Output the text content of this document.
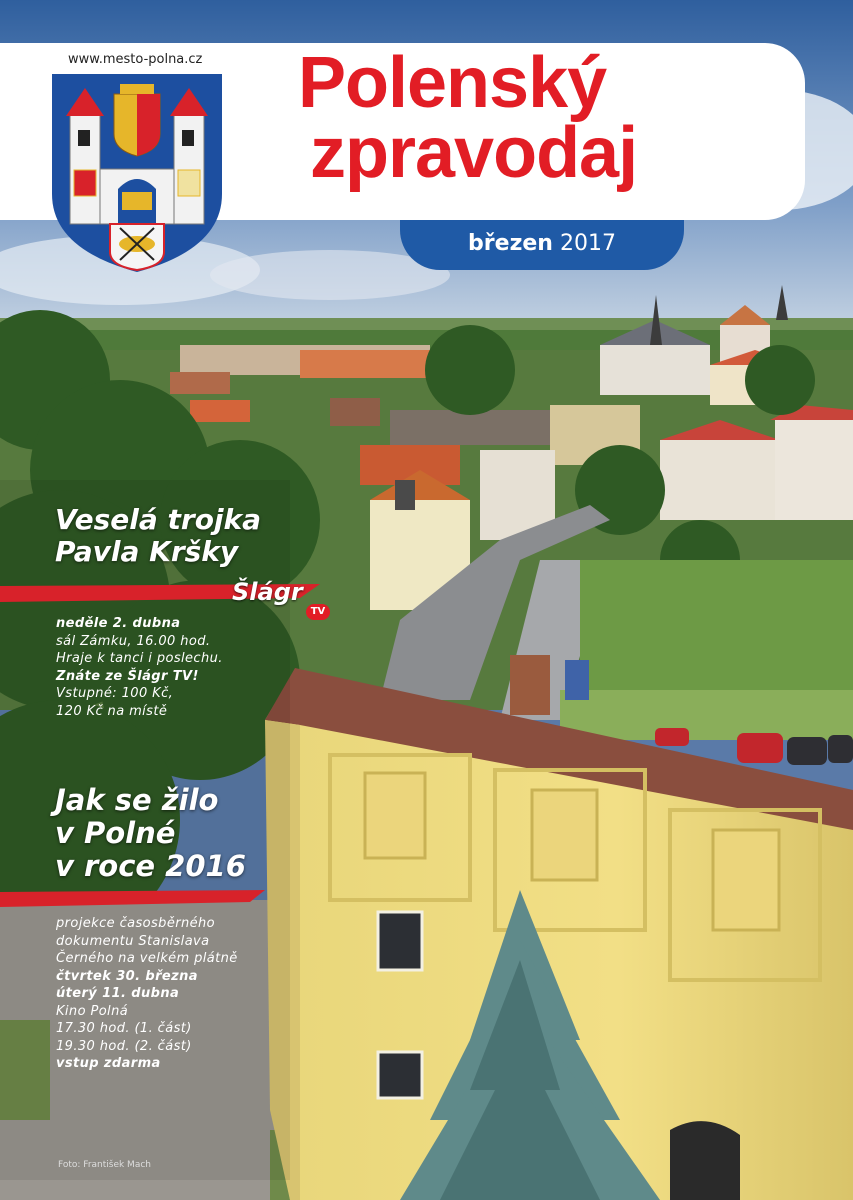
www.mesto-polna.cz Polenský
zpravodaj
březen 2017
Veselá trojka
Pavla Kršky
Šlágr
TV
neděle 2. dubna
sál Zámku, 16.00 hod.
Hraje k tanci i poslechu.
Znáte ze Šlágr TV!
Vstupné: 100 Kč,
120 Kč na místě
Jak se žilo
v Polné
v roce 2016
projekce časosběrného
dokumentu Stanislava
Černého na velkém plátně
čtvrtek 30. března
úterý 11. dubna
Kino Polná
17.30 hod. (1. část)
19.30 hod. (2. část)
vstup zdarma
Foto: František Mach
